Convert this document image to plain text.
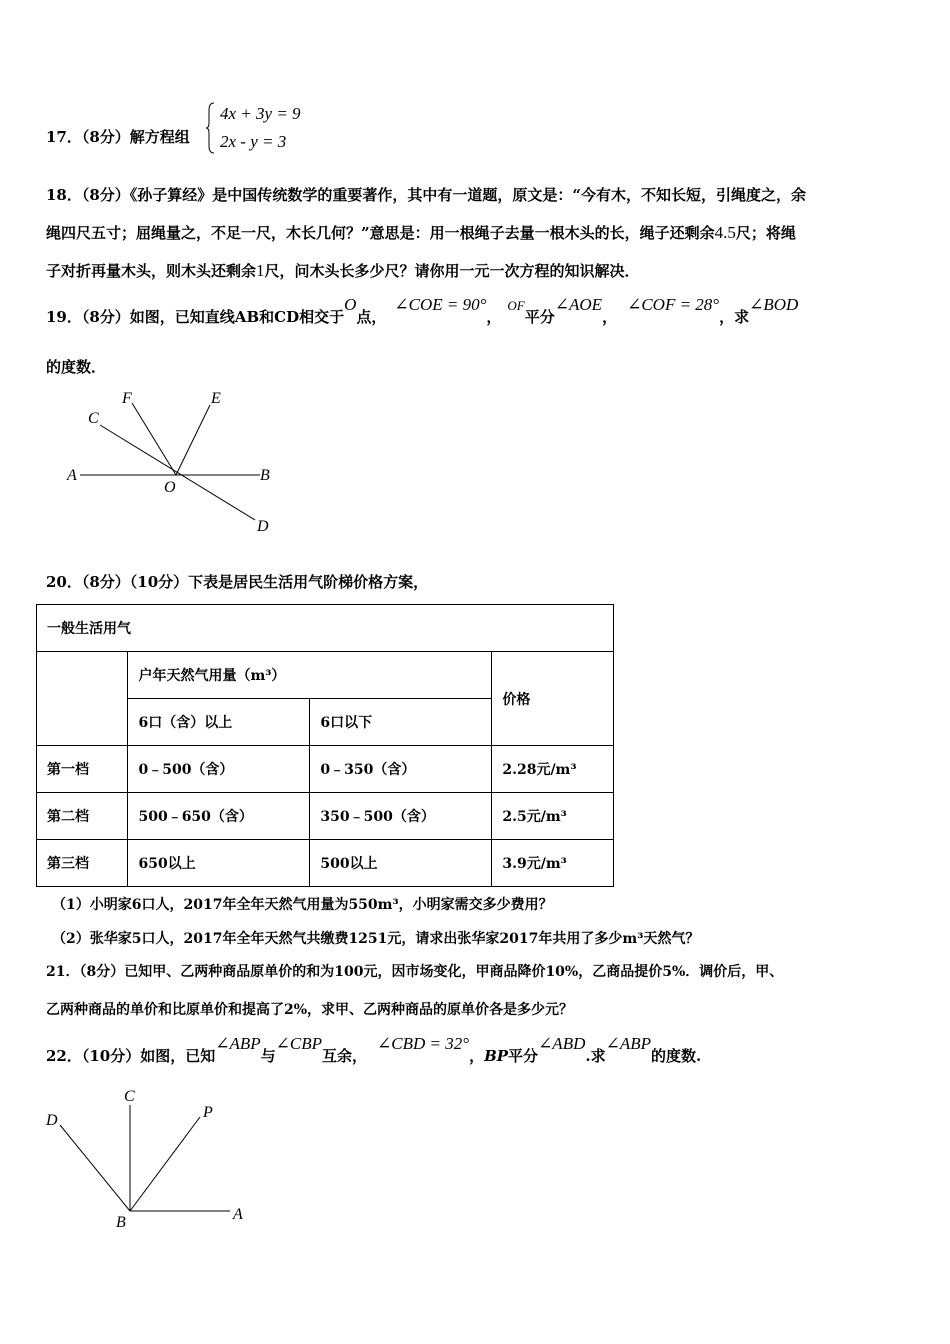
17．（8分）解方程组
4x + 3y = 9
2x - y = 3
18．（8分）《孙子算经》是中国传统数学的重要著作，其中有一道题，原文是：“今有木，不知长短，引绳度之，余
绳四尺五寸；屈绳量之，不足一尺，木长几何？”意思是：用一根绳子去量一根木头的长，绳子还剩余4.5尺；将绳
子对折再量木头，则木头还剩余1尺，问木头长多少尺？请你用一元一次方程的知识解决．
19．（8分）如图，已知直线AB和CD相交于O点，∠COE = 90°，OF平分∠AOE，∠COF = 28°，求∠BOD
的度数．
C
F	E
A
O
B
D
20．（8分）（10分）下表是居民生活用气阶梯价格方案，
一般生活用气			
	户年天然气用量（m³）		价格
	6口（含）以上	6口以下	
第一档	0﹣500（含）	0﹣350（含）	2.28元/m³
第二档	500﹣650（含）	350﹣500（含）	2.5元/m³
第三档	650以上	500以上	3.9元/m³
（1）小明家6口人，2017年全年天然气用量为550m³，小明家需交多少费用？
（2）张华家5口人，2017年全年天然气共缴费1251元，请求出张华家2017年共用了多少m³天然气？
21．（8分）已知甲、乙两种商品原单价的和为100元，因市场变化，甲商品降价10%，乙商品提价5%．调价后，甲、
乙两种商品的单价和比原单价和提高了2%，求甲、乙两种商品的原单价各是多少元？
22．（10分）如图，已知∠ABP与∠CBP互余，∠CBD = 32°，BP平分∠ABD.求∠ABP的度数.
D
C
P
B	A
